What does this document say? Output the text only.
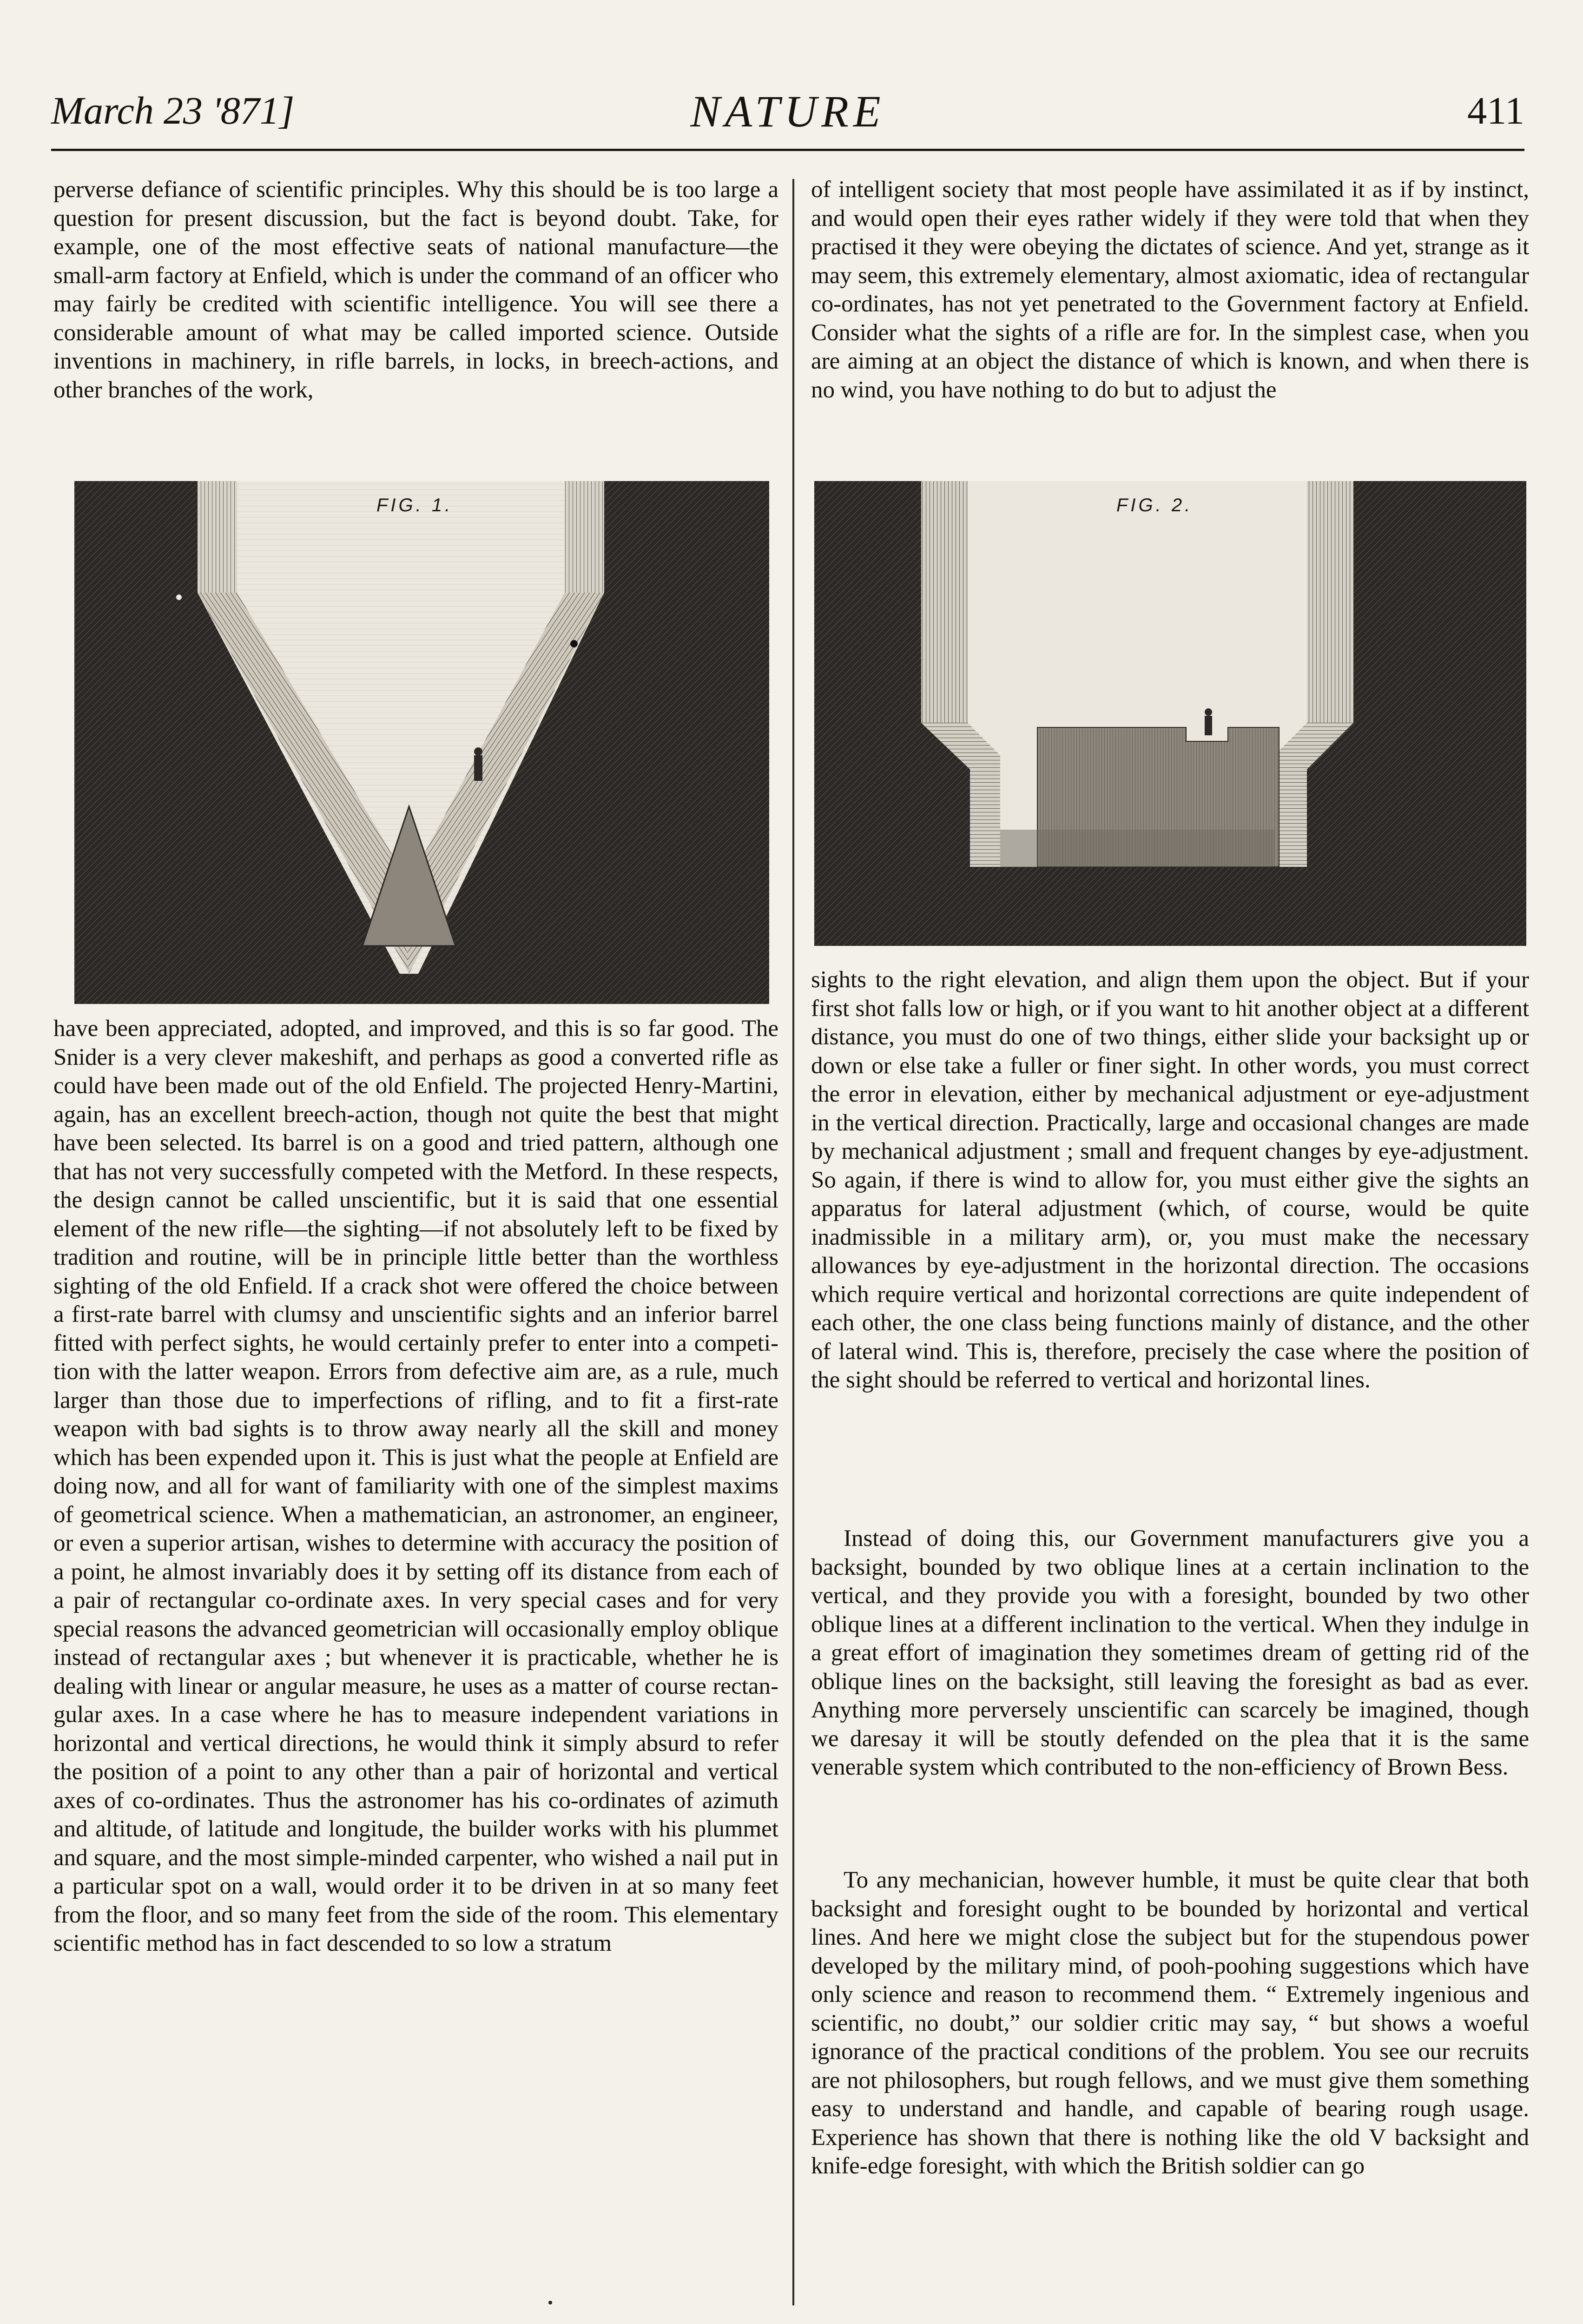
March 23 '871]	NATURE	411

perverse defiance of scientific principles. Why this should be is too large a question for present discussion, but the fact is beyond doubt. Take, for example, one of the most effective seats of national manufacture—the small-arm factory at Enfield, which is under the command of an officer who may fairly be credited with scientific intelligence. You will see there a considerable amount of what may be called imported science. Outside inventions in machinery, in rifle barrels, in locks, in breech-actions, and other branches of the work,

FIG. 1.

have been appreciated, adopted, and improved, and this is so far good. The Snider is a very clever makeshift, and perhaps as good a converted rifle as could have been made out of the old Enfield. The projected Henry-Martini, again, has an excellent breech-action, though not quite the best that might have been selected. Its barrel is on a good and tried pattern, although one that has not very successfully competed with the Metford. In these respects, the design cannot be called unscientific, but it is said that one essential element of the new rifle—the sighting—if not absolutely left to be fixed by tradition and routine, will be in principle little better than the worthless sighting of the old Enfield. If a crack shot were offered the choice between a first-rate barrel with clumsy and unscientific sights and an inferior barrel fitted with perfect sights, he would certainly prefer to enter into a competition with the latter weapon. Errors from defective aim are, as a rule, much larger than those due to imperfections of rifling, and to fit a first-rate weapon with bad sights is to throw away nearly all the skill and money which has been expended upon it. This is just what the people at Enfield are doing now, and all for want of familiarity with one of the simplest maxims of geometrical science. When a mathematician, an astronomer, an engineer, or even a superior artisan, wishes to determine with accuracy the position of a point, he almost invariably does it by setting off its distance from each of a pair of rectangular co-ordinate axes. In very special cases and for very special reasons the advanced geometrician will occasionally employ oblique instead of rectangular axes ; but whenever it is practicable, whether he is dealing with linear or angular measure, he uses as a matter of course rectangular axes. In a case where he has to measure independent variations in horizontal and vertical directions, he would think it simply absurd to refer the position of a point to any other than a pair of horizontal and vertical axes of co-ordinates. Thus the astronomer has his co-ordinates of azimuth and altitude, of latitude and longitude, the builder works with his plummet and square, and the most simple-minded carpenter, who wished a nail put in a particular spot on a wall, would order it to be driven in at so many feet from the floor, and so many feet from the side of the room. This elementary scientific method has in fact descended to so low a stratum

of intelligent society that most people have assimilated it as if by instinct, and would open their eyes rather widely if they were told that when they practised it they were obeying the dictates of science. And yet, strange as it may seem, this extremely elementary, almost axiomatic, idea of rectangular co-ordinates, has not yet penetrated to the Government factory at Enfield. Consider what the sights of a rifle are for. In the simplest case, when you are aiming at an object the distance of which is known, and when there is no wind, you have nothing to do but to adjust the

FIG. 2.

sights to the right elevation, and align them upon the object. But if your first shot falls low or high, or if you want to hit another object at a different distance, you must do one of two things, either slide your backsight up or down or else take a fuller or finer sight. In other words, you must correct the error in elevation, either by mechanical adjustment or eye-adjustment in the vertical direction. Practically, large and occasional changes are made by mechanical adjustment ; small and frequent changes by eye-adjustment. So again, if there is wind to allow for, you must either give the sights an apparatus for lateral adjustment (which, of course, would be quite inadmissible in a military arm), or, you must make the necessary allowances by eye-adjustment in the horizontal direction. The occasions which require vertical and horizontal corrections are quite independent of each other, the one class being functions mainly of distance, and the other of lateral wind. This is, therefore, precisely the case where the position of the sight should be referred to vertical and horizontal lines.

Instead of doing this, our Government manufacturers give you a backsight, bounded by two oblique lines at a certain inclination to the vertical, and they provide you with a foresight, bounded by two other oblique lines at a different inclination to the vertical. When they indulge in a great effort of imagination they sometimes dream of getting rid of the oblique lines on the backsight, still leaving the foresight as bad as ever. Anything more perversely unscientific can scarcely be imagined, though we daresay it will be stoutly defended on the plea that it is the same venerable system which contributed to the non-efficiency of Brown Bess.

To any mechanician, however humble, it must be quite clear that both backsight and foresight ought to be bounded by horizontal and vertical lines. And here we might close the subject but for the stupendous power developed by the military mind, of pooh-poohing suggestions which have only science and reason to recommend them. “ Extremely ingenious and scientific, no doubt,” our soldier critic may say, “ but shows a woeful ignorance of the practical conditions of the problem. You see our recruits are not philosophers, but rough fellows, and we must give them something easy to understand and handle, and capable of bearing rough usage. Experience has shown that there is nothing like the old V backsight and knife-edge foresight, with which the British soldier can go
